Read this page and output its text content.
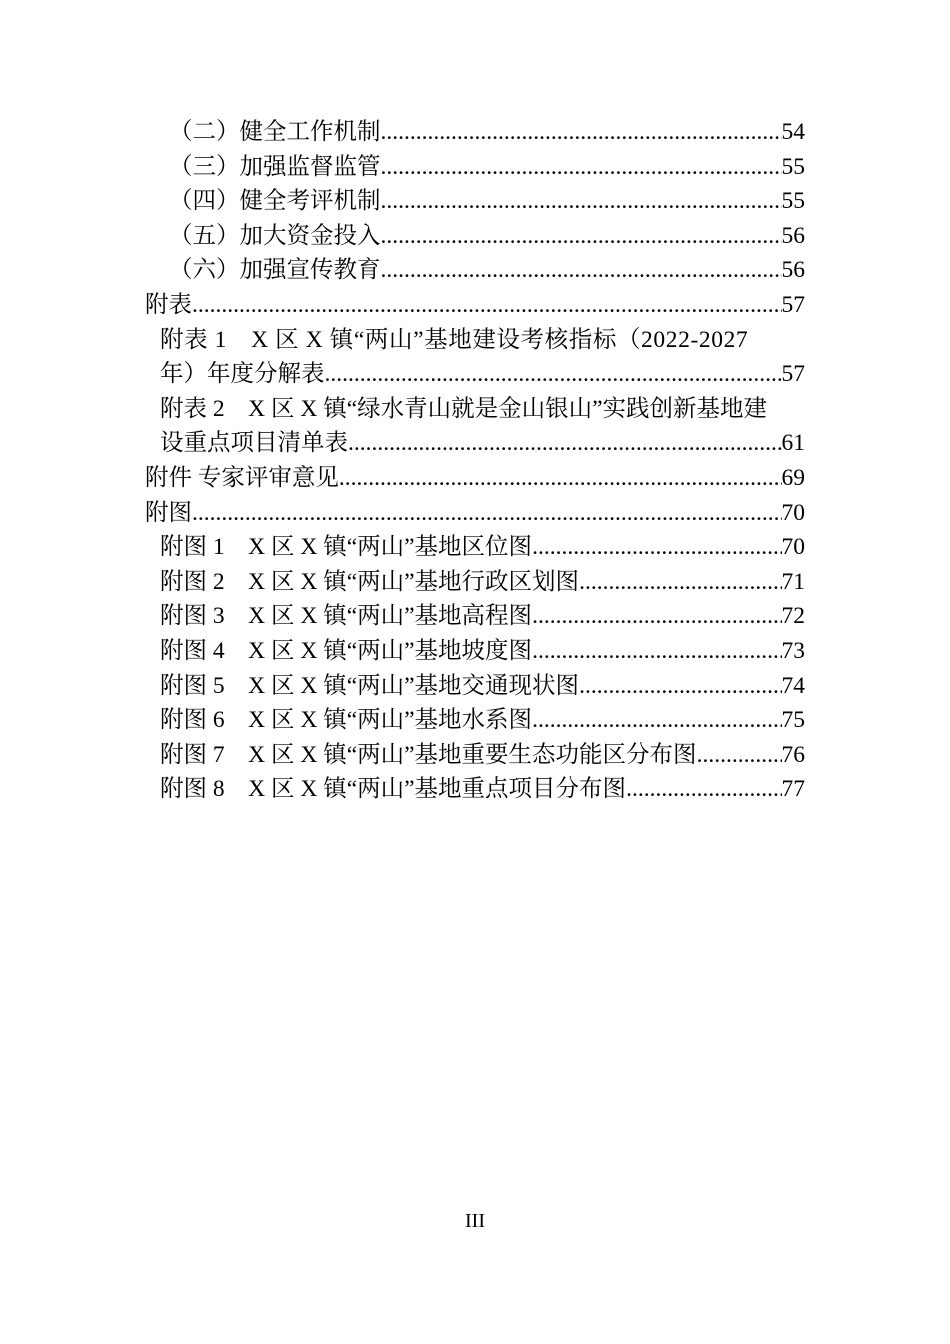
（二）健全工作机制 .....	54
（三）加强监督监管 .....	55
（四）健全考评机制 .....	55
（五）加大资金投入 .....	56
（六）加强宣传教育 .....	56
附表 .....	57
附表 1　X 区 X 镇“两山”基地建设考核指标（2022-2027
年）年度分解表 .....	57
附表 2　X 区 X 镇“绿水青山就是金山银山”实践创新基地建
设重点项目清单表 .....	61
附件 专家评审意见 .....	69
附图 .....	70
附图 1　X 区 X 镇“两山”基地区位图 .....	70
附图 2　X 区 X 镇“两山”基地行政区划图 .....	71
附图 3　X 区 X 镇“两山”基地高程图 .....	72
附图 4　X 区 X 镇“两山”基地坡度图 .....	73
附图 5　X 区 X 镇“两山”基地交通现状图 .....	74
附图 6　X 区 X 镇“两山”基地水系图 .....	75
附图 7　X 区 X 镇“两山”基地重要生态功能区分布图 .....	76
附图 8　X 区 X 镇“两山”基地重点项目分布图 .....	77
III
